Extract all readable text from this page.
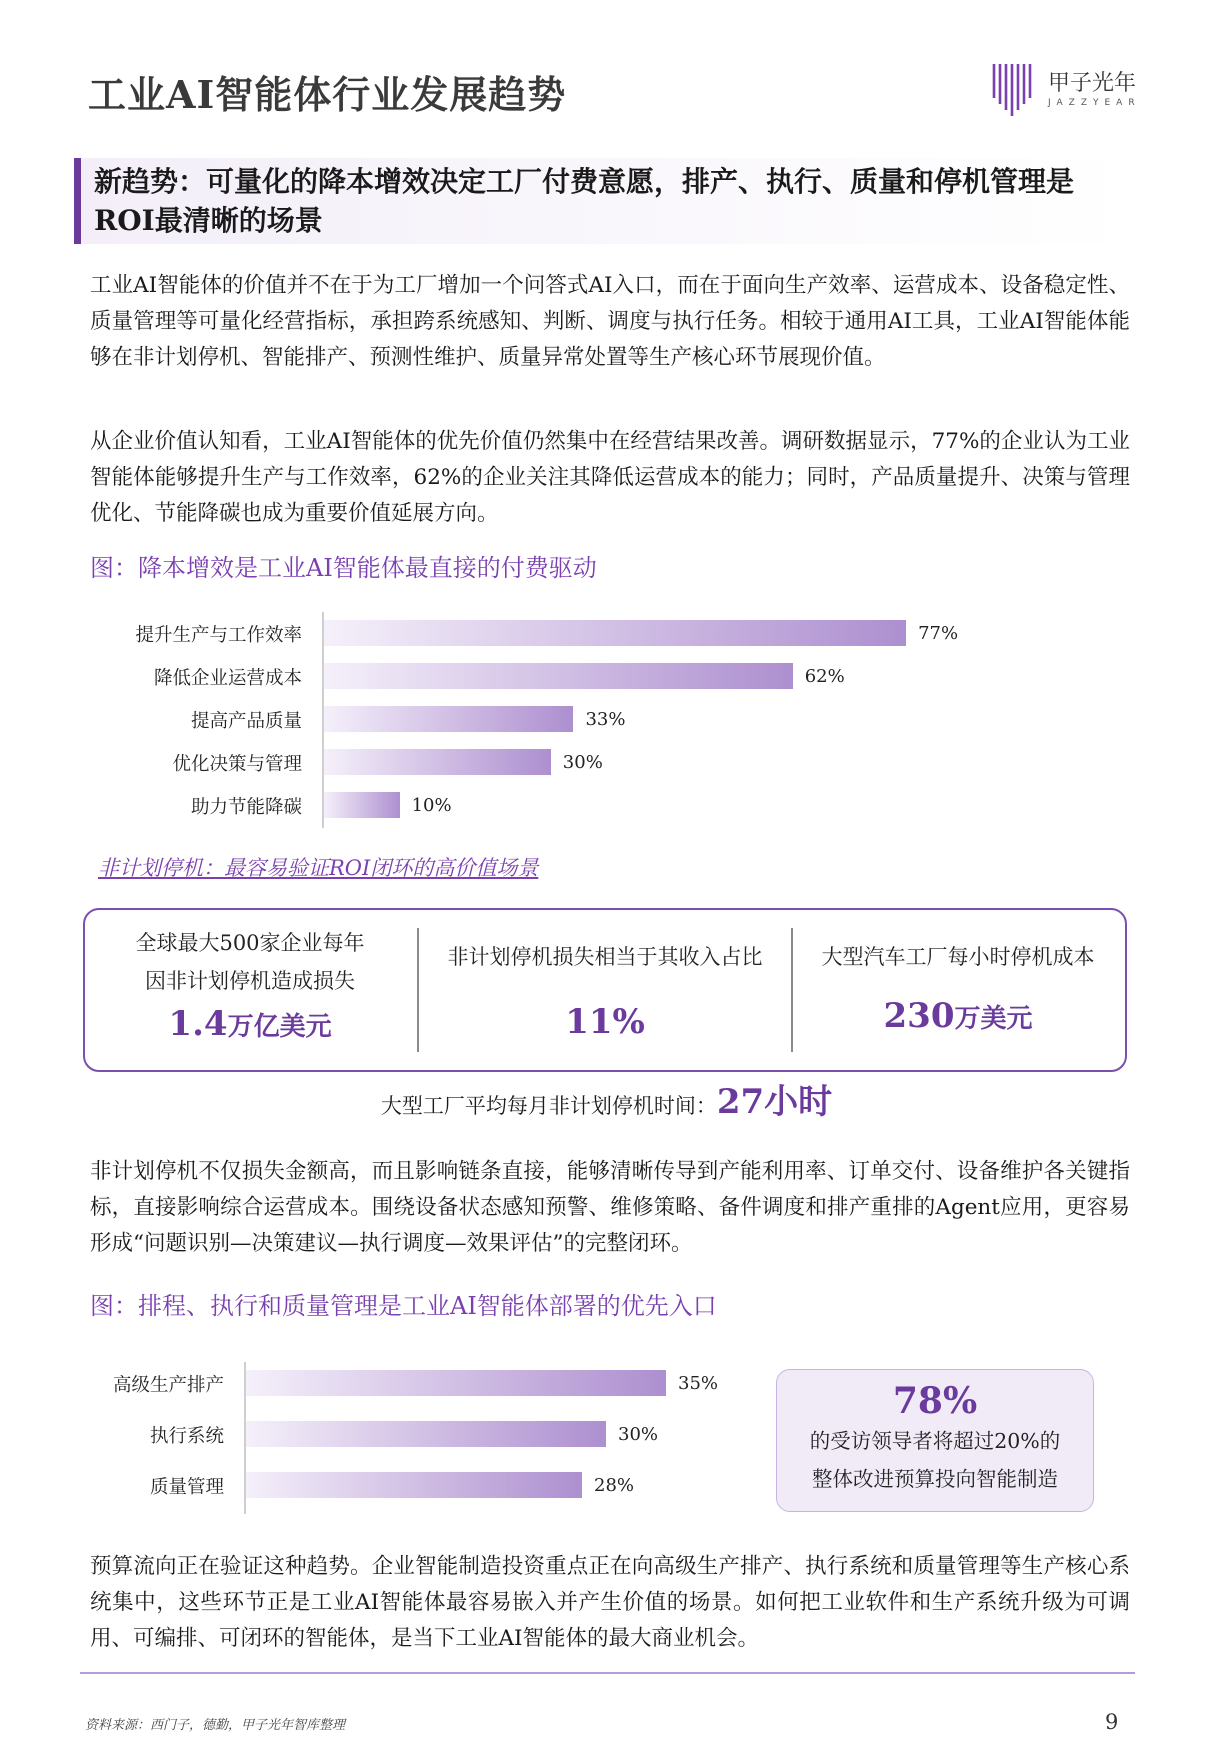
工业AI智能体行业发展趋势	甲子光年
JAZZYEAR
新趋势：可量化的降本增效决定工厂付费意愿，排产、执行、质量和停机管理是ROI最清晰的场景
工业AI智能体的价值并不在于为工厂增加一个问答式AI入口，而在于面向生产效率、运营成本、设备稳定性、质量管理等可量化经营指标，承担跨系统感知、判断、调度与执行任务。相较于通用AI工具，工业AI智能体能够在非计划停机、智能排产、预测性维护、质量异常处置等生产核心环节展现价值。
从企业价值认知看，工业AI智能体的优先价值仍然集中在经营结果改善。调研数据显示，77%的企业认为工业智能体能够提升生产与工作效率，62%的企业关注其降低运营成本的能力；同时，产品质量提升、决策与管理优化、节能降碳也成为重要价值延展方向。
图：降本增效是工业AI智能体最直接的付费驱动
提升生产与工作效率	77%
降低企业运营成本	62%
提高产品质量	33%
优化决策与管理	30%
助力节能降碳	10%
非计划停机：最容易验证ROI闭环的高价值场景
全球最大500家企业每年
因非计划停机造成损失
1.4万亿美元
非计划停机损失相当于其收入占比
11%
大型汽车工厂每小时停机成本
230万美元
大型工厂平均每月非计划停机时间：27小时
非计划停机不仅损失金额高，而且影响链条直接，能够清晰传导到产能利用率、订单交付、设备维护各关键指标，直接影响综合运营成本。围绕设备状态感知预警、维修策略、备件调度和排产重排的Agent应用，更容易形成“问题识别—决策建议—执行调度—效果评估”的完整闭环。
图：排程、执行和质量管理是工业AI智能体部署的优先入口
高级生产排产	35%
执行系统	30%
质量管理	28%
78%
的受访领导者将超过20%的
整体改进预算投向智能制造
预算流向正在验证这种趋势。企业智能制造投资重点正在向高级生产排产、执行系统和质量管理等生产核心系统集中，这些环节正是工业AI智能体最容易嵌入并产生价值的场景。如何把工业软件和生产系统升级为可调用、可编排、可闭环的智能体，是当下工业AI智能体的最大商业机会。
资料来源：西门子，德勤，甲子光年智库整理	9
